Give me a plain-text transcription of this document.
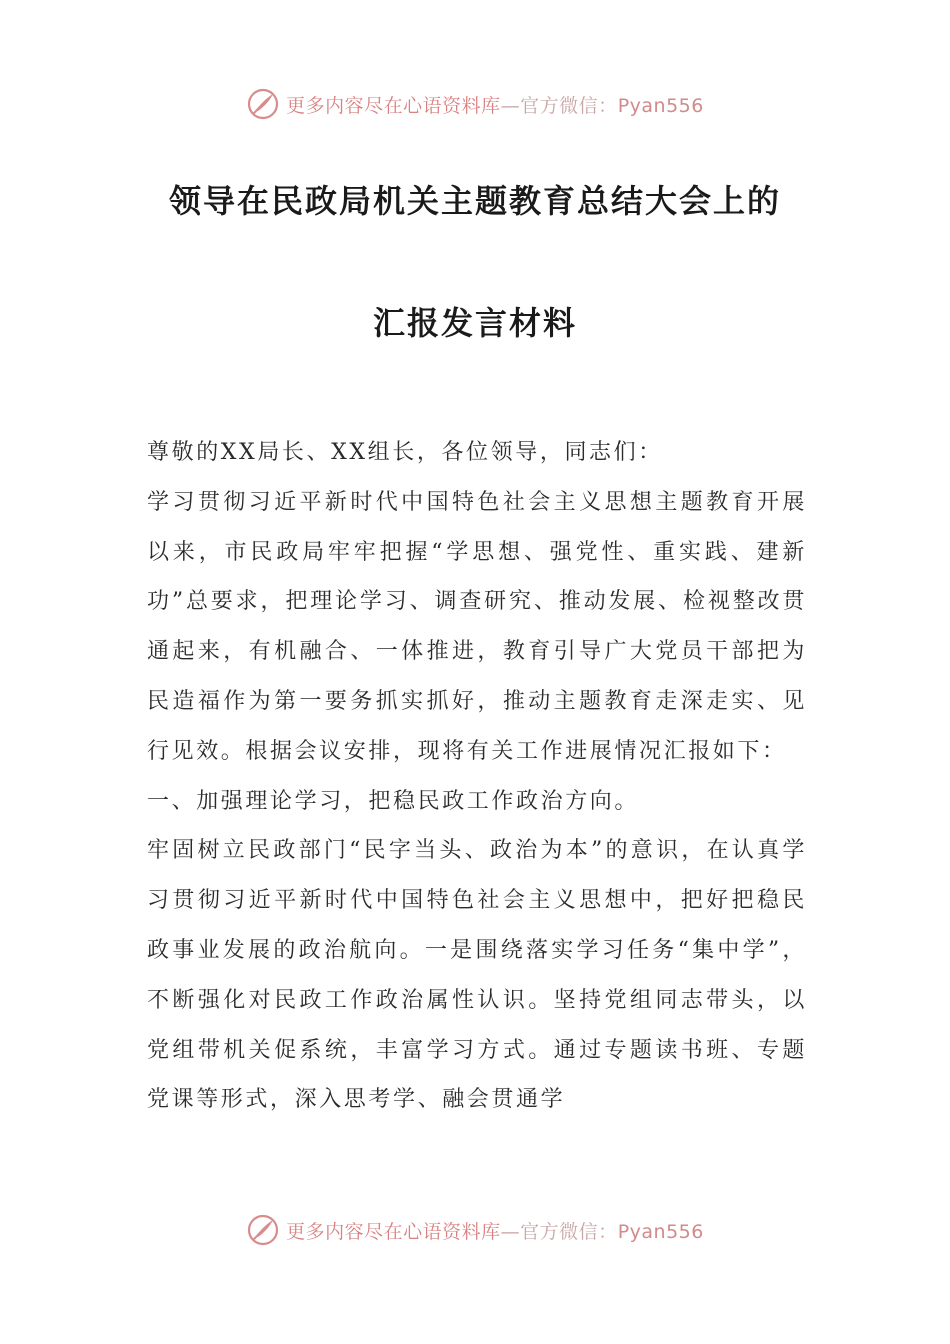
更多内容尽在心语资料库—官方微信：Pyan556
领导在民政局机关主题教育总结大会上的
汇报发言材料

尊敬的XX局长、XX组长，各位领导，同志们：

学习贯彻习近平新时代中国特色社会主义思想主题教育开展以来，市民政局牢牢把握“学思想、强党性、重实践、建新功”总要求，把理论学习、调查研究、推动发展、检视整改贯通起来，有机融合、一体推进，教育引导广大党员干部把为民造福作为第一要务抓实抓好，推动主题教育走深走实、见行见效。根据会议安排，现将有关工作进展情况汇报如下：

一、加强理论学习，把稳民政工作政治方向。

牢固树立民政部门“民字当头、政治为本”的意识，在认真学习贯彻习近平新时代中国特色社会主义思想中，把好把稳民政事业发展的政治航向。一是围绕落实学习任务“集中学”，不断强化对民政工作政治属性认识。坚持党组同志带头，以党组带机关促系统，丰富学习方式。通过专题读书班、专题党课等形式，深入思考学、融会贯通学

更多内容尽在心语资料库—官方微信：Pyan556
